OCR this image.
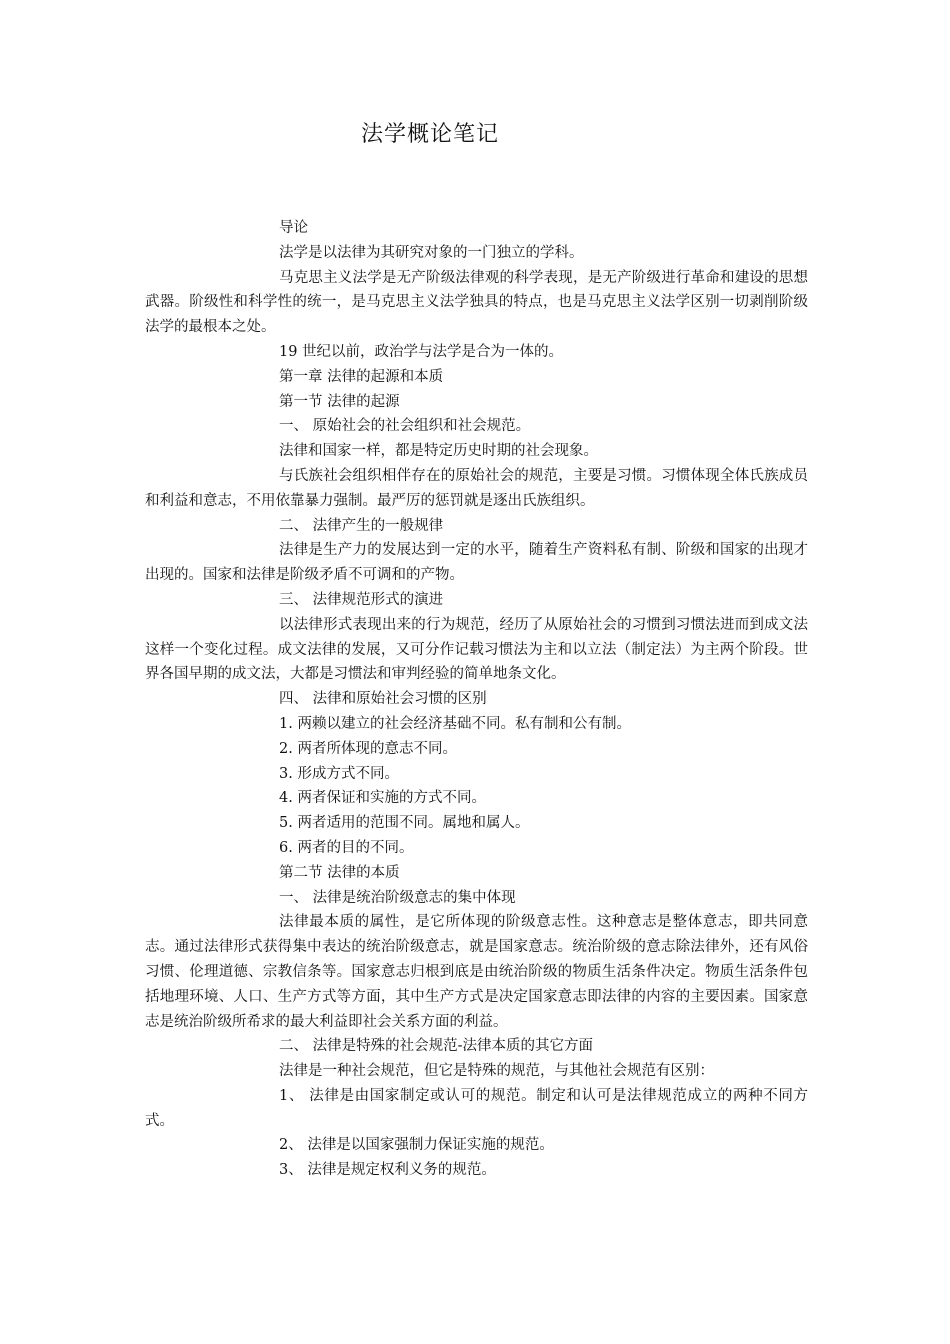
法学概论笔记

导论

法学是以法律为其研究对象的一门独立的学科。

马克思主义法学是无产阶级法律观的科学表现，是无产阶级进行革命和建设的思想武器。阶级性和科学性的统一，是马克思主义法学独具的特点，也是马克思主义法学区别一切剥削阶级法学的最根本之处。

19 世纪以前，政治学与法学是合为一体的。

第一章 法律的起源和本质

第一节 法律的起源

一、 原始社会的社会组织和社会规范。

法律和国家一样，都是特定历史时期的社会现象。

与氏族社会组织相伴存在的原始社会的规范，主要是习惯。习惯体现全体氏族成员和利益和意志，不用依靠暴力强制。最严厉的惩罚就是逐出氏族组织。

二、 法律产生的一般规律

法律是生产力的发展达到一定的水平，随着生产资料私有制、阶级和国家的出现才出现的。国家和法律是阶级矛盾不可调和的产物。

三、 法律规范形式的演进

以法律形式表现出来的行为规范，经历了从原始社会的习惯到习惯法进而到成文法这样一个变化过程。成文法律的发展，又可分作记载习惯法为主和以立法（制定法）为主两个阶段。世界各国早期的成文法，大都是习惯法和审判经验的简单地条文化。

四、 法律和原始社会习惯的区别

1. 两赖以建立的社会经济基础不同。私有制和公有制。

2. 两者所体现的意志不同。

3. 形成方式不同。

4. 两者保证和实施的方式不同。

5. 两者适用的范围不同。属地和属人。

6. 两者的目的不同。

第二节 法律的本质

一、 法律是统治阶级意志的集中体现

法律最本质的属性，是它所体现的阶级意志性。这种意志是整体意志，即共同意志。通过法律形式获得集中表达的统治阶级意志，就是国家意志。统治阶级的意志除法律外，还有风俗习惯、伦理道德、宗教信条等。国家意志归根到底是由统治阶级的物质生活条件决定。物质生活条件包括地理环境、人口、生产方式等方面，其中生产方式是决定国家意志即法律的内容的主要因素。国家意志是统治阶级所希求的最大利益即社会关系方面的利益。

二、 法律是特殊的社会规范-法律本质的其它方面

法律是一种社会规范，但它是特殊的规范，与其他社会规范有区别：

1、 法律是由国家制定或认可的规范。制定和认可是法律规范成立的两种不同方式。

2、 法律是以国家强制力保证实施的规范。

3、 法律是规定权利义务的规范。
